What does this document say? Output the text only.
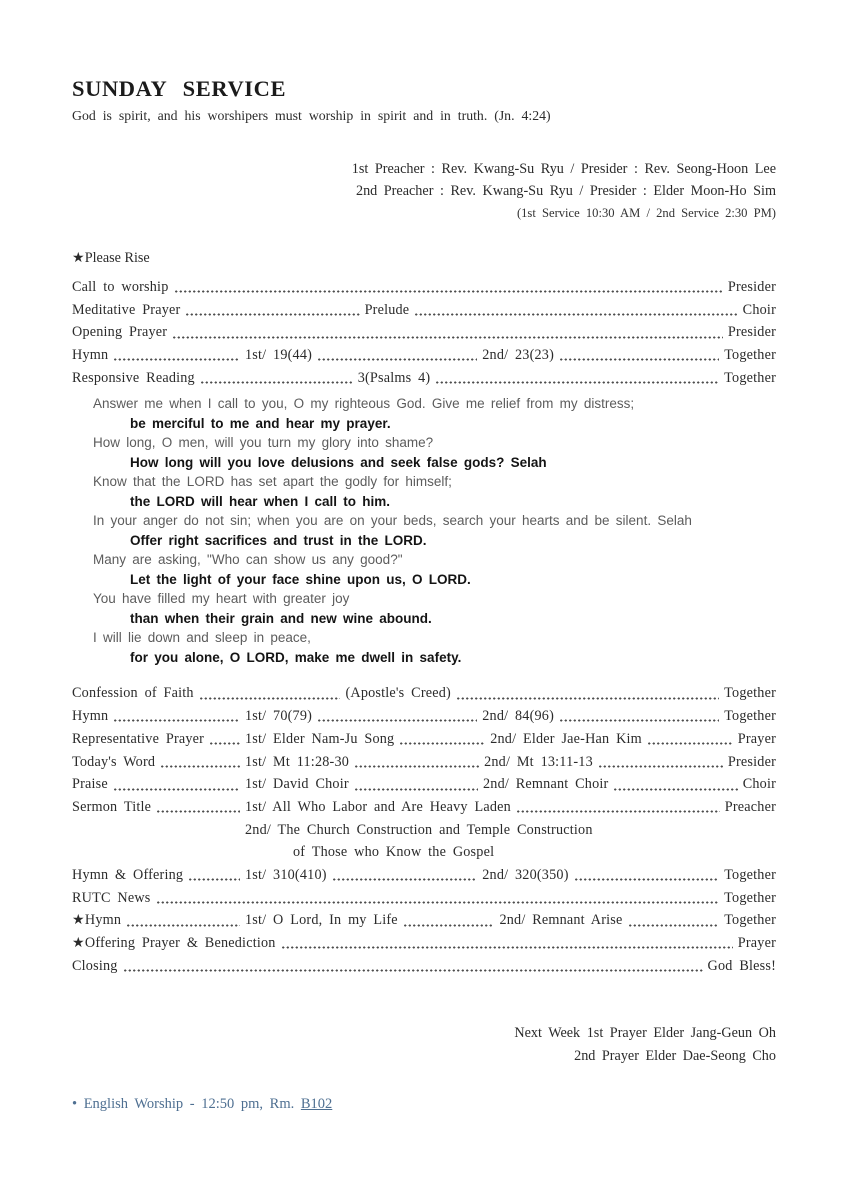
SUNDAY SERVICE

God is spirit, and his worshipers must worship in spirit and in truth. (Jn. 4:24)

1st Preacher : Rev. Kwang-Su Ryu / Presider : Rev. Seong-Hoon Lee
2nd Preacher : Rev. Kwang-Su Ryu / Presider : Elder Moon-Ho Sim
(1st Service 10:30 AM / 2nd Service 2:30 PM)
★Please Rise
Call to worship	Presider
Meditative Prayer	Prelude	Choir
Opening Prayer	Presider
Hymn	1st/ 19(44)	2nd/ 23(23)	Together
Responsive Reading	3(Psalms 4)	Together
Answer me when I call to you, O my righteous God. Give me relief from my distress;
be merciful to me and hear my prayer.
How long, O men, will you turn my glory into shame?
How long will you love delusions and seek false gods? Selah
Know that the LORD has set apart the godly for himself;
the LORD will hear when I call to him.
In your anger do not sin; when you are on your beds, search your hearts and be silent. Selah
Offer right sacrifices and trust in the LORD.
Many are asking, "Who can show us any good?"
Let the light of your face shine upon us, O LORD.
You have filled my heart with greater joy
than when their grain and new wine abound.
I will lie down and sleep in peace,
for you alone, O LORD, make me dwell in safety.
Confession of Faith	(Apostle's Creed)	Together
Hymn	1st/ 70(79)	2nd/ 84(96)	Together
Representative Prayer	1st/ Elder Nam-Ju Song	2nd/ Elder Jae-Han Kim	Prayer
Today's Word	1st/ Mt 11:28-30	2nd/ Mt 13:11-13	Presider
Praise	1st/ David Choir	2nd/ Remnant Choir	Choir
Sermon Title	1st/ All Who Labor and Are Heavy Laden	Preacher
2nd/ The Church Construction and Temple Construction
of Those who Know the Gospel
Hymn & Offering	1st/ 310(410)	2nd/ 320(350)	Together
RUTC News	Together
★Hymn	1st/ O Lord, In my Life	2nd/ Remnant Arise	Together
★Offering Prayer & Benediction	Prayer
Closing	God Bless!
Next Week 1st Prayer Elder Jang-Geun Oh
2nd Prayer Elder Dae-Seong Cho
• English Worship - 12:50 pm, Rm. B102
